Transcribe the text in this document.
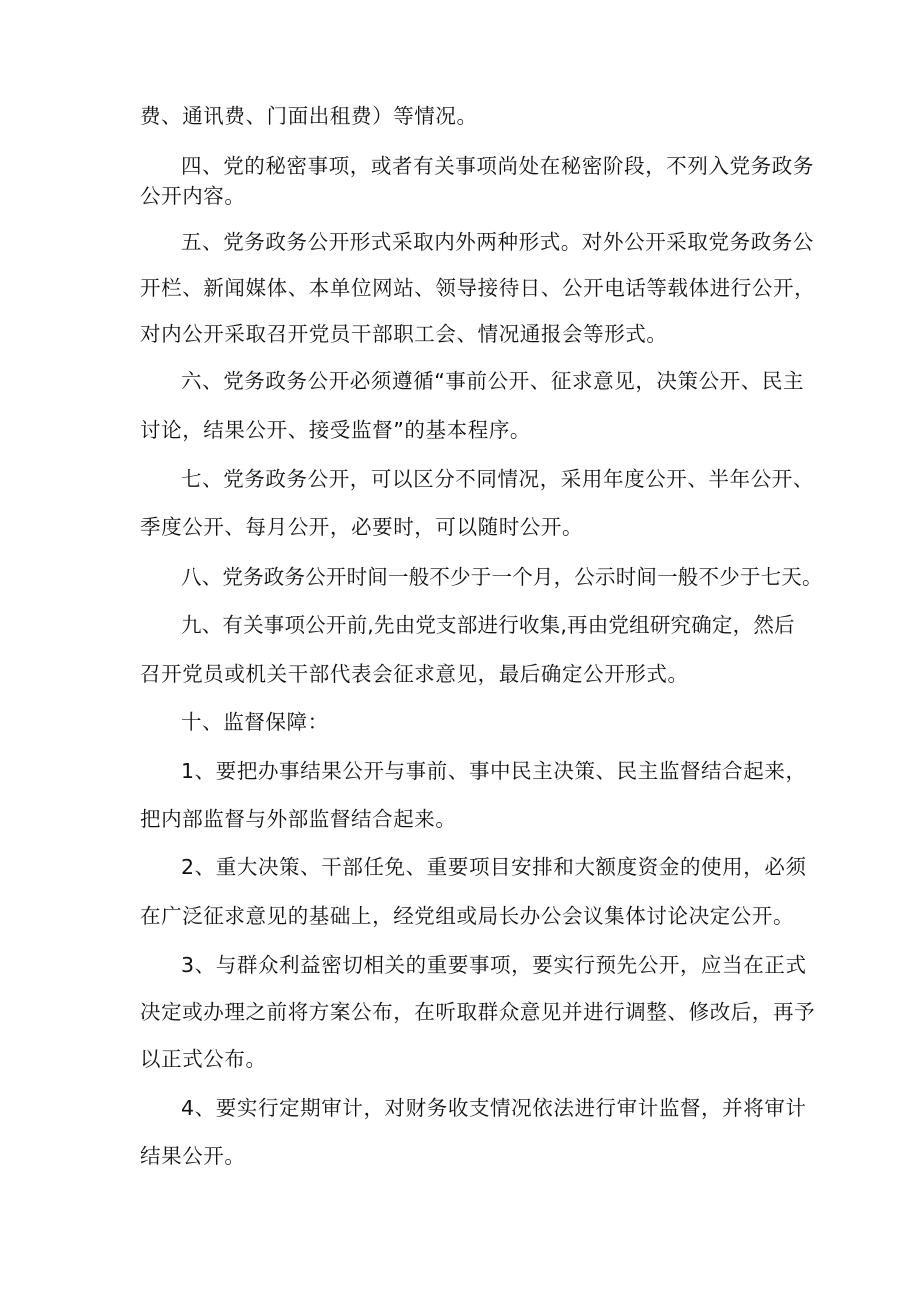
费、通讯费、门面出租费）等情况。
四、党的秘密事项，或者有关事项尚处在秘密阶段，不列入党务政务
公开内容。
五、党务政务公开形式采取内外两种形式。对外公开采取党务政务公
开栏、新闻媒体、本单位网站、领导接待日、公开电话等载体进行公开，
对内公开采取召开党员干部职工会、情况通报会等形式。
六、党务政务公开必须遵循“事前公开、征求意见，决策公开、民主
讨论，结果公开、接受监督”的基本程序。
七、党务政务公开，可以区分不同情况，采用年度公开、半年公开、
季度公开、每月公开，必要时，可以随时公开。
八、党务政务公开时间一般不少于一个月，公示时间一般不少于七天。
九、有关事项公开前,先由党支部进行收集,再由党组研究确定，然后
召开党员或机关干部代表会征求意见，最后确定公开形式。
十、监督保障：
1、要把办事结果公开与事前、事中民主决策、民主监督结合起来，
把内部监督与外部监督结合起来。
2、重大决策、干部任免、重要项目安排和大额度资金的使用，必须
在广泛征求意见的基础上，经党组或局长办公会议集体讨论决定公开。
3、与群众利益密切相关的重要事项，要实行预先公开，应当在正式
决定或办理之前将方案公布，在听取群众意见并进行调整、修改后，再予
以正式公布。
4、要实行定期审计，对财务收支情况依法进行审计监督，并将审计
结果公开。
